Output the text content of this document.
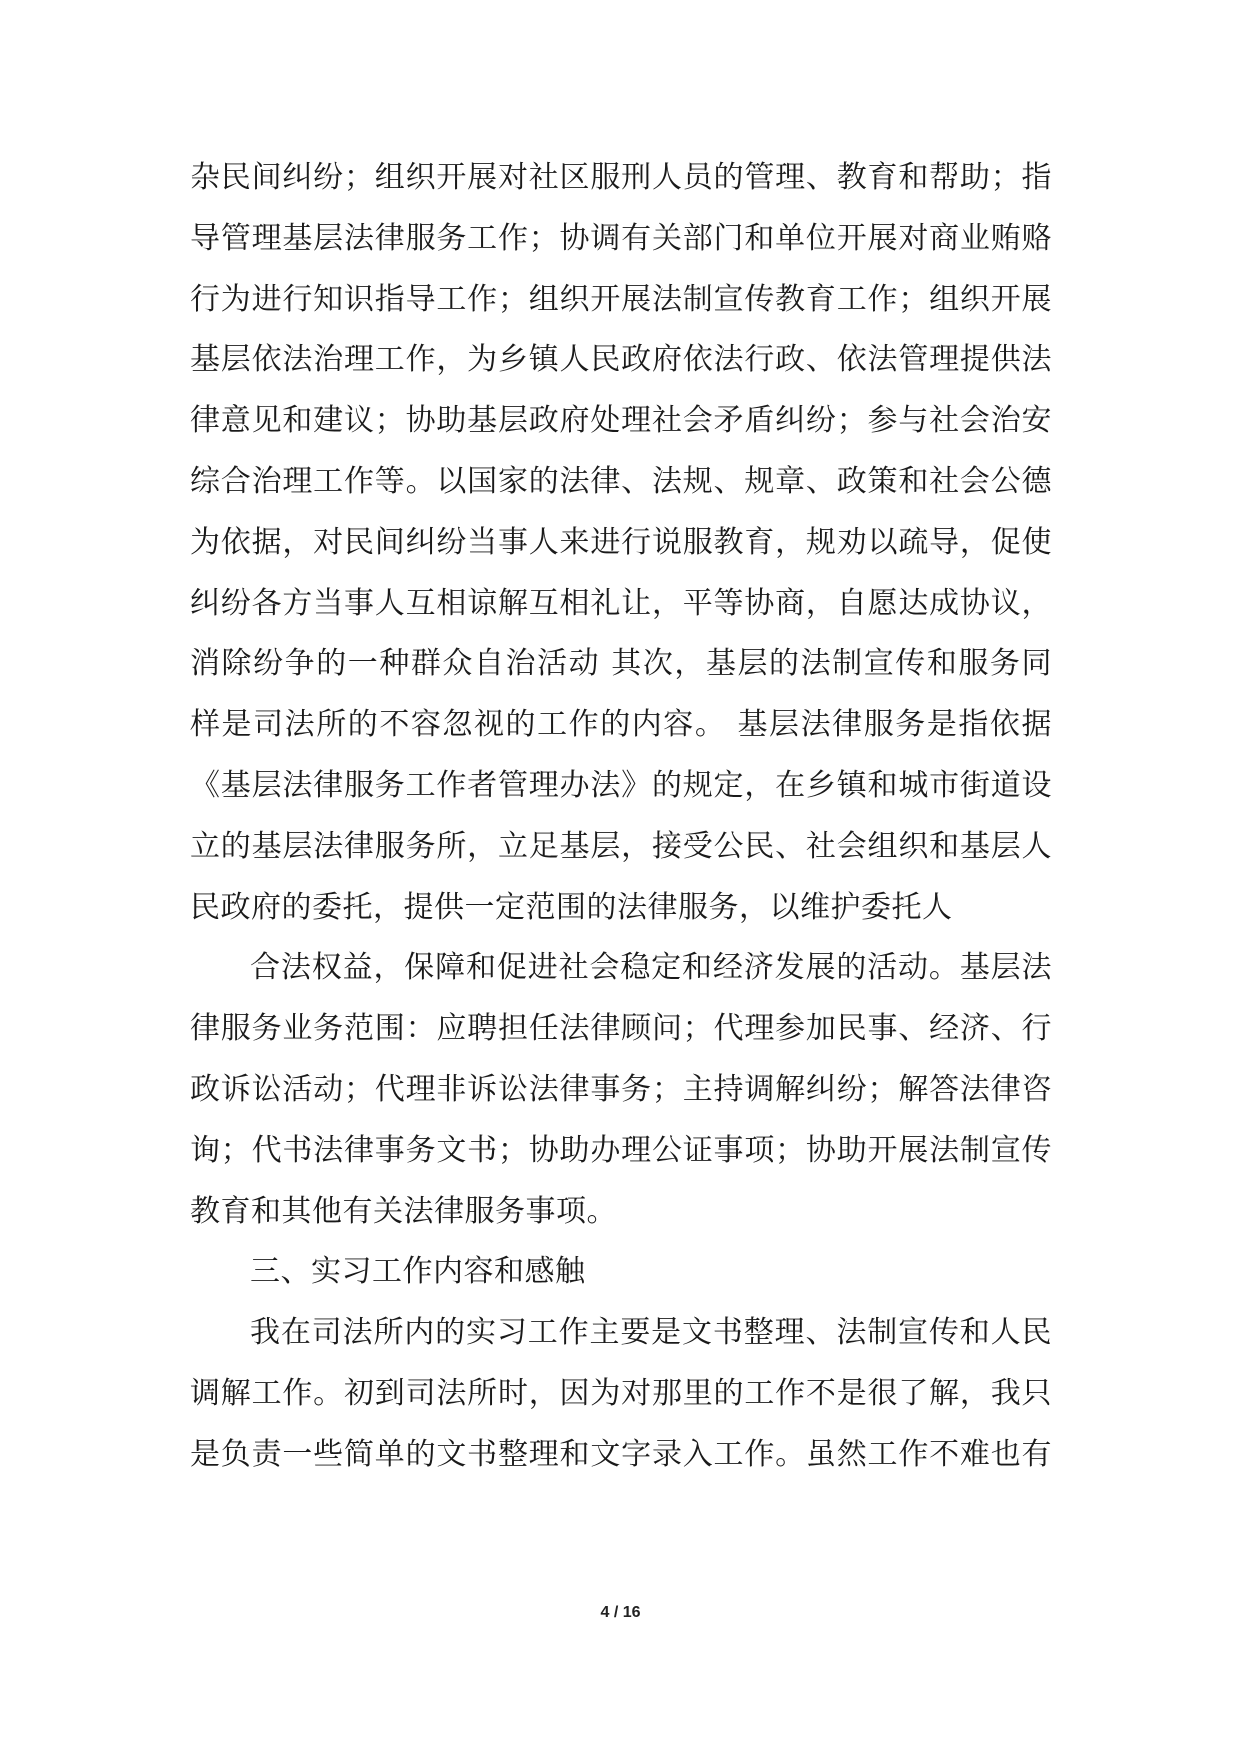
杂民间纠纷；组织开展对社区服刑人员的管理、教育和帮助；指
导管理基层法律服务工作；协调有关部门和单位开展对商业贿赂
行为进行知识指导工作；组织开展法制宣传教育工作；组织开展
基层依法治理工作，为乡镇人民政府依法行政、依法管理提供法
律意见和建议；协助基层政府处理社会矛盾纠纷；参与社会治安
综合治理工作等。以国家的法律、法规、规章、政策和社会公德
为依据，对民间纠纷当事人来进行说服教育，规劝以疏导，促使
纠纷各方当事人互相谅解互相礼让，平等协商，自愿达成协议，
消除纷争的一种群众自治活动 其次，基层的法制宣传和服务同
样是司法所的不容忽视的工作的内容。 基层法律服务是指依据
《基层法律服务工作者管理办法》的规定，在乡镇和城市街道设
立的基层法律服务所，立足基层，接受公民、社会组织和基层人
民政府的委托，提供一定范围的法律服务，以维护委托人
合法权益，保障和促进社会稳定和经济发展的活动。基层法
律服务业务范围：应聘担任法律顾问；代理参加民事、经济、行
政诉讼活动；代理非诉讼法律事务；主持调解纠纷；解答法律咨
询；代书法律事务文书；协助办理公证事项；协助开展法制宣传
教育和其他有关法律服务事项。
三、实习工作内容和感触
我在司法所内的实习工作主要是文书整理、法制宣传和人民
调解工作。初到司法所时，因为对那里的工作不是很了解，我只
是负责一些简单的文书整理和文字录入工作。虽然工作不难也有
4 / 16
